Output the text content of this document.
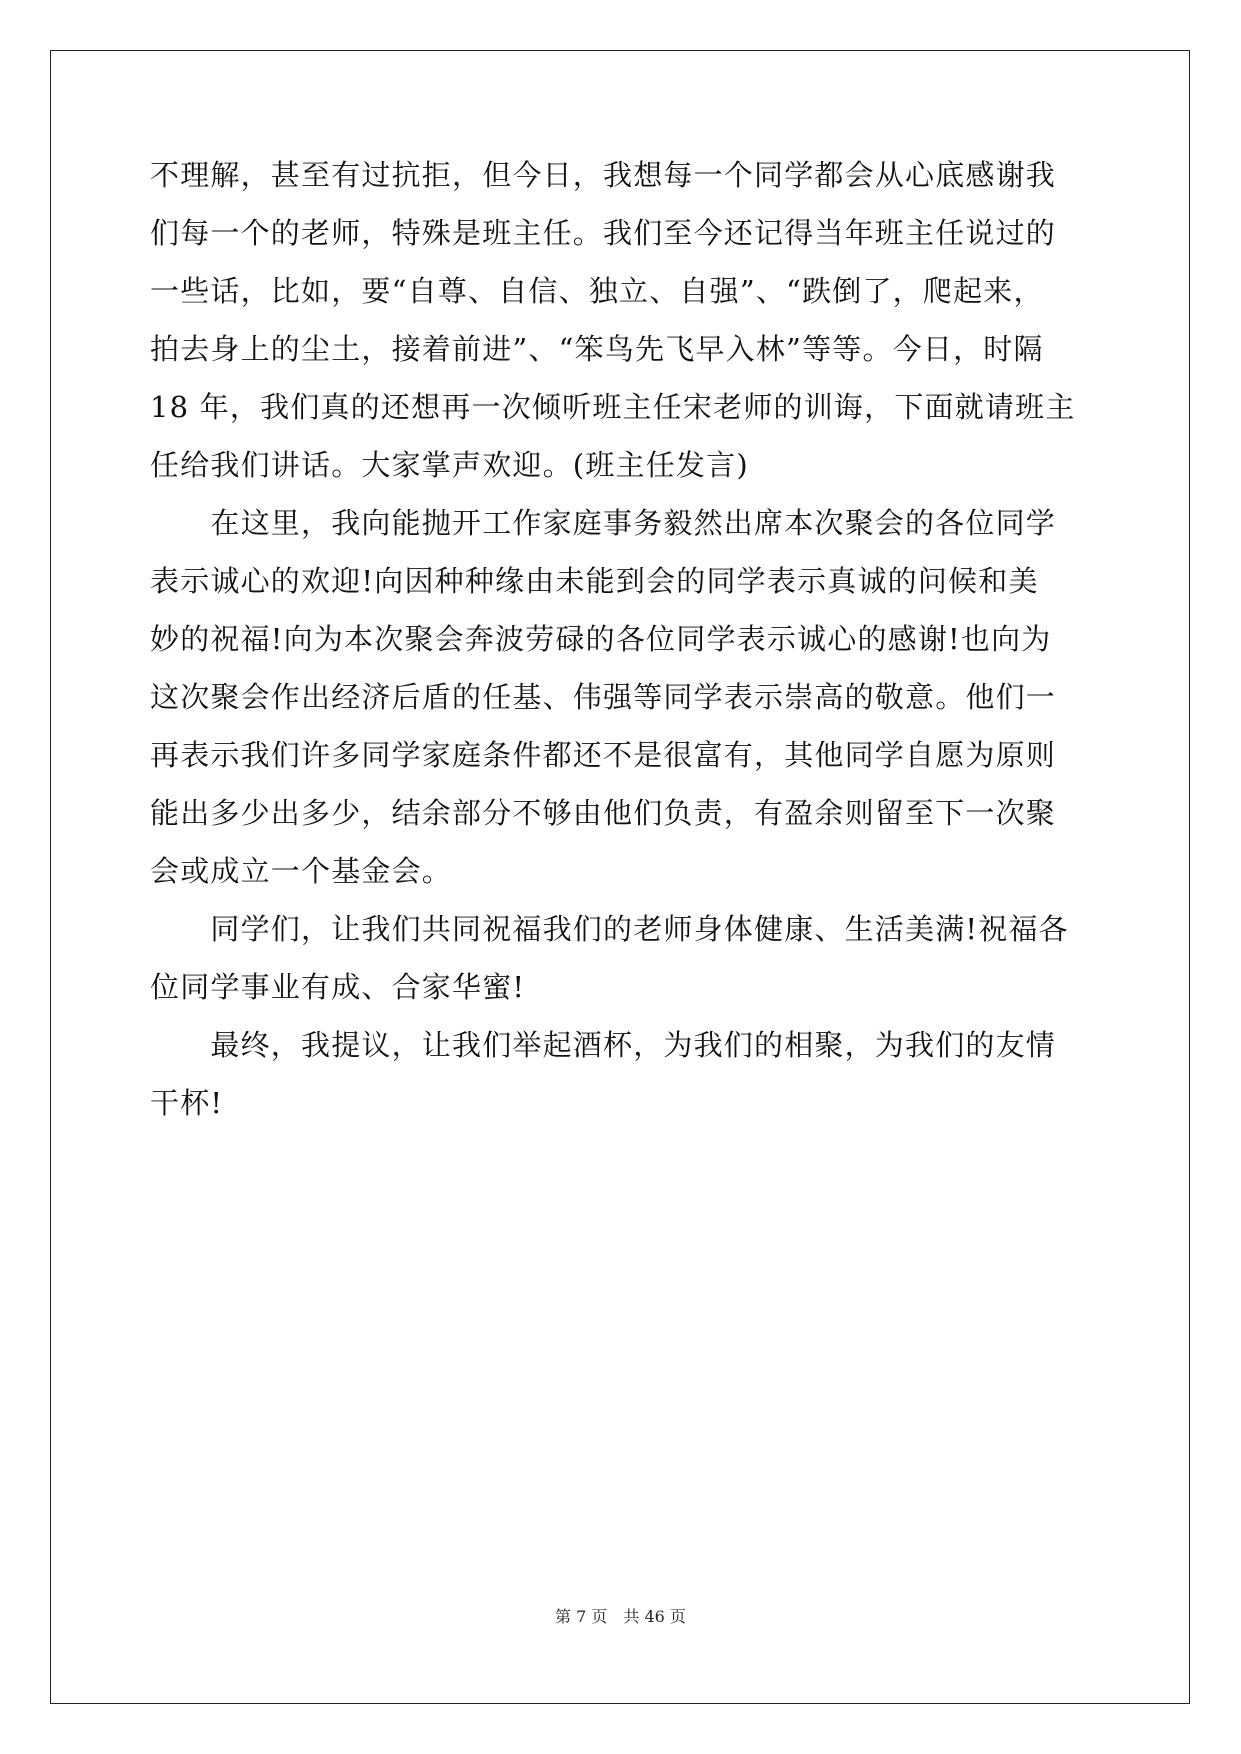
不理解，甚至有过抗拒，但今日，我想每一个同学都会从心底感谢我
们每一个的老师，特殊是班主任。我们至今还记得当年班主任说过的
一些话，比如，要“自尊、自信、独立、自强”、“跌倒了，爬起来，
拍去身上的尘土，接着前进”、“笨鸟先飞早入林”等等。今日，时隔
18 年，我们真的还想再一次倾听班主任宋老师的训诲，下面就请班主
任给我们讲话。大家掌声欢迎。(班主任发言)
　　在这里，我向能抛开工作家庭事务毅然出席本次聚会的各位同学
表示诚心的欢迎!向因种种缘由未能到会的同学表示真诚的问候和美
妙的祝福!向为本次聚会奔波劳碌的各位同学表示诚心的感谢!也向为
这次聚会作出经济后盾的任基、伟强等同学表示崇高的敬意。他们一
再表示我们许多同学家庭条件都还不是很富有，其他同学自愿为原则
能出多少出多少，结余部分不够由他们负责，有盈余则留至下一次聚
会或成立一个基金会。
　　同学们，让我们共同祝福我们的老师身体健康、生活美满!祝福各
位同学事业有成、合家华蜜!
　　最终，我提议，让我们举起酒杯，为我们的相聚，为我们的友情
干杯!
第 7 页　共 46 页
